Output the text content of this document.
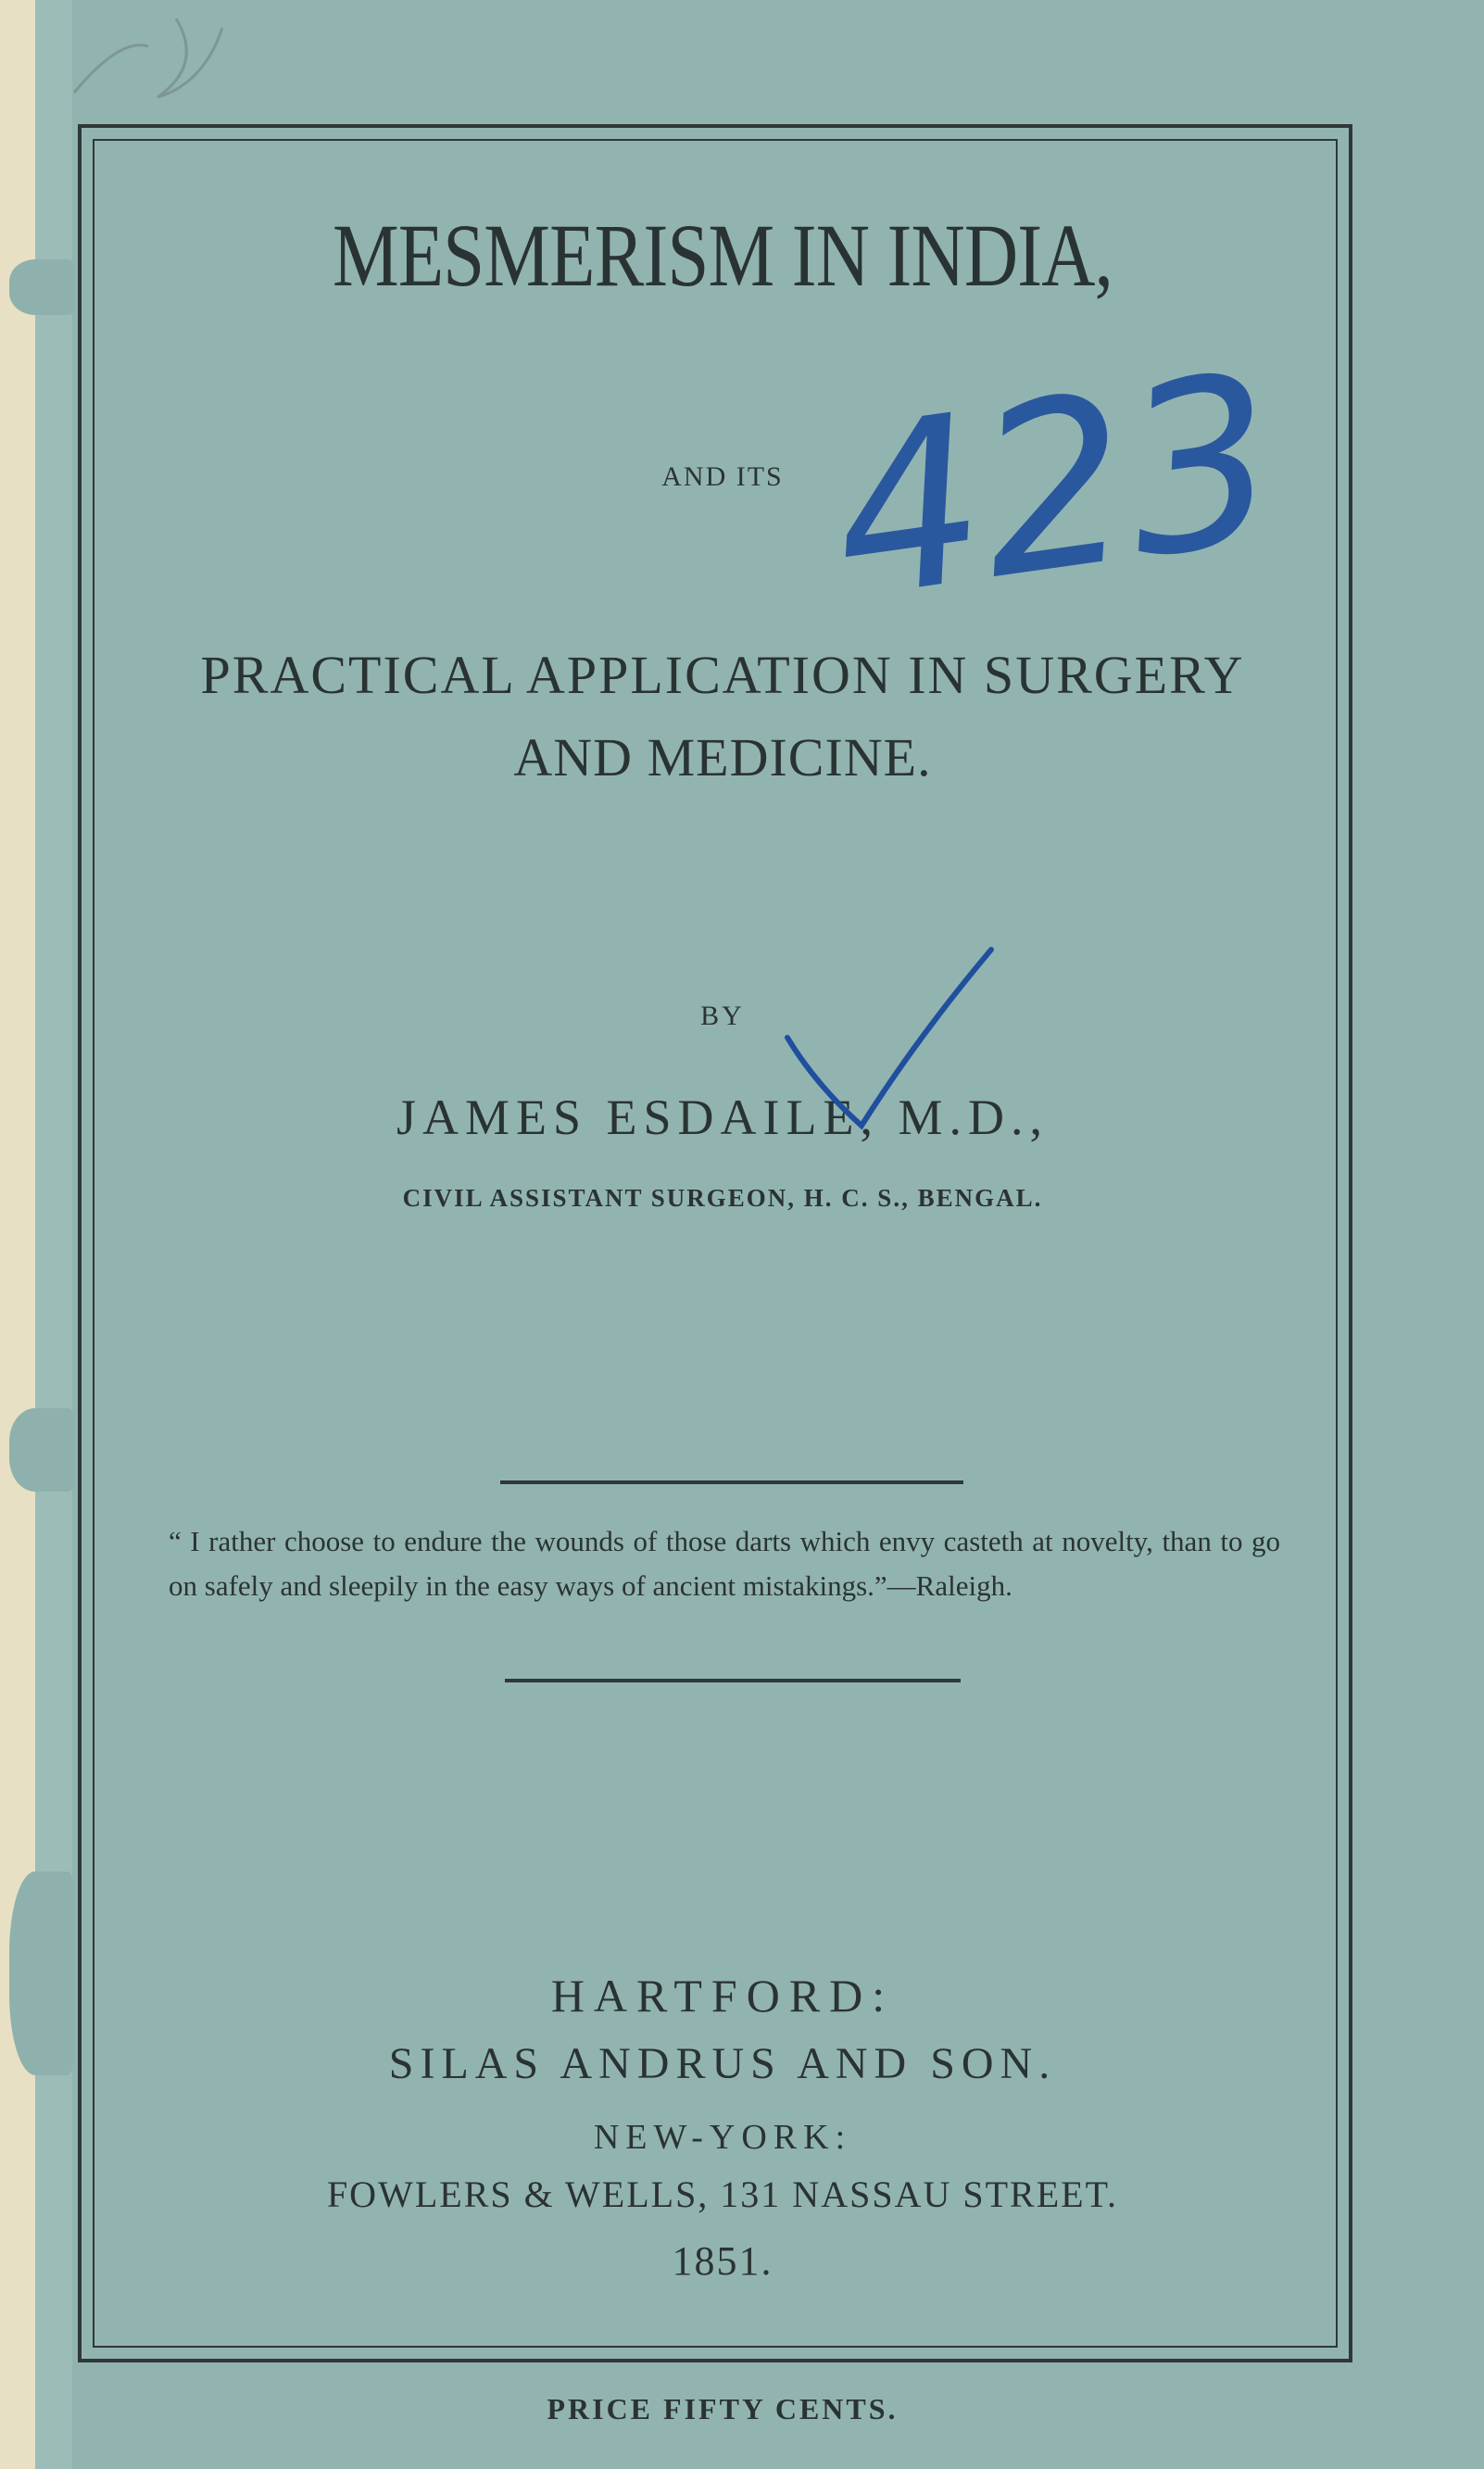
MESMERISM IN INDIA,
AND ITS
PRACTICAL APPLICATION IN SURGERY
AND MEDICINE.
BY
JAMES ESDAILE, M.D.,
CIVIL ASSISTANT SURGEON, H. C. S., BENGAL.
“ I rather choose to endure the wounds of those darts which envy casteth at novelty, than to go on safely and sleepily in the easy ways of ancient mistakings.”—Raleigh.
HARTFORD:
SILAS ANDRUS AND SON.
NEW-YORK:
FOWLERS & WELLS, 131 NASSAU STREET.
1851.
PRICE FIFTY CENTS.
423
